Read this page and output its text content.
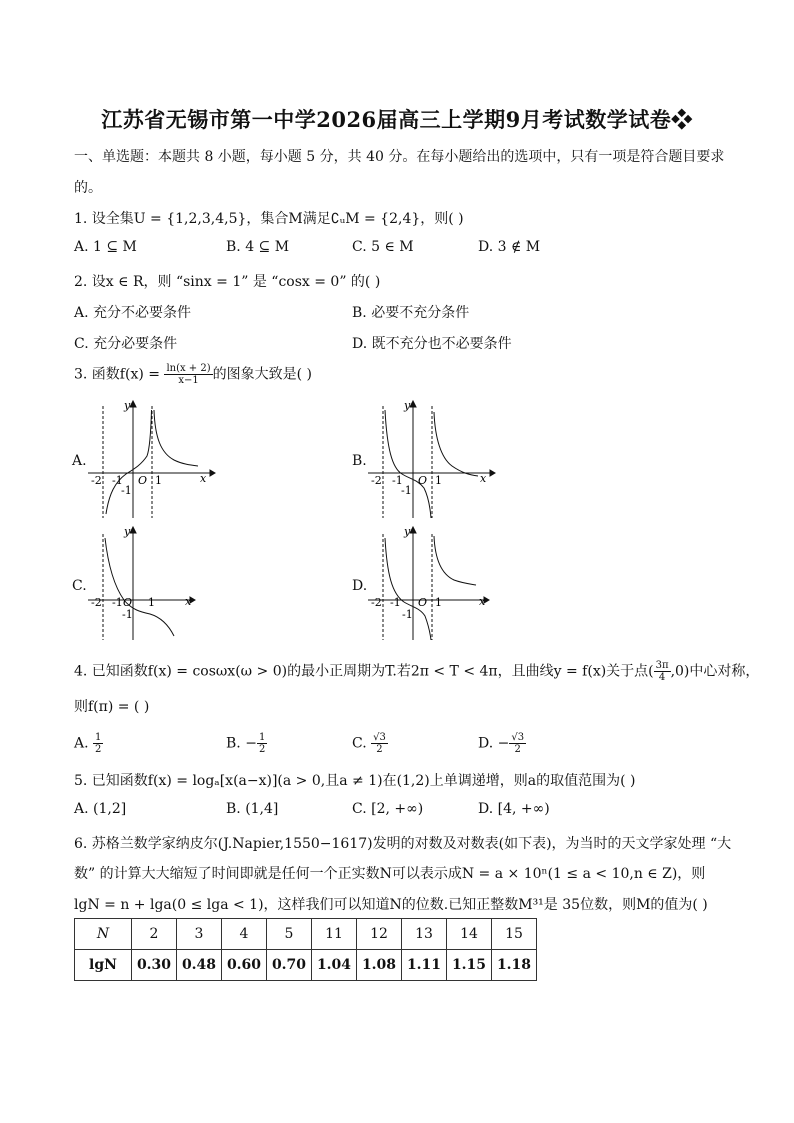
江苏省无锡市第一中学2026届高三上学期9月考试数学试卷❖
一、单选题：本题共 8 小题，每小题 5 分，共 40 分。在每小题给出的选项中，只有一项是符合题目要求
的。
1. 设全集U = {1,2,3,4,5}，集合M满足∁ᵤM = {2,4}，则( )
A. 1 ⊆ M	B. 4 ⊆ M	C. 5 ∈ M	D. 3 ∉ M
2. 设x ∈ R，则 “sinx = 1” 是 “cosx = 0” 的( )
A. 充分不必要条件	B. 必要不充分条件
C. 充分必要条件	D. 既不充分也不必要条件
3. 函数$f(x) = \frac{\ln(x + 2)}{x-1}$ 的图象大致是( )
A.
-2 -1 O 1	x
y
-1
B.
-2 -1 O 1	x
y
-1
C.
-2 -1 O 1	x
y
-1
D.
-2 -1 O 1	x
y
-1
4. 已知函数f(x) = cosωx(ω > 0)的最小正周期为T.若2π < T < 4π，且曲线y = f(x)关于点( $\frac{3\pi}{4} ,0$)中心对称，
则f(π) = ( )
A. $\frac{1}{2}$	B. − $\frac{1}{2}$	C. $\frac{√3}{2}$	D. − $\frac{√3}{2}$
5. 已知函数f(x) = logₐ[x(a−x)](a > 0,且a ≠ 1)在(1,2)上单调递增，则a的取值范围为( )
A. (1,2]	B. (1,4]	C. [2, +∞)	D. [4, +∞)
6. 苏格兰数学家纳皮尔(J.Napier,1550−1617)发明的对数及对数表(如下表)，为当时的天文学家处理 “大
数” 的计算大大缩短了时间即就是任何一个正实数N可以表示成N = a × 10ⁿ(1 ≤ a < 10,n ∈ Z)，则
lgN = n + lga(0 ≤ lga < 1)，这样我们可以知道N的位数.已知正整数M³¹是 35位数，则M的值为( )
N	2	3	4	5	11	12	13	14	15
lgN	0.30	0.48	0.60	0.70	1.04	1.08	1.11	1.15	1.18
